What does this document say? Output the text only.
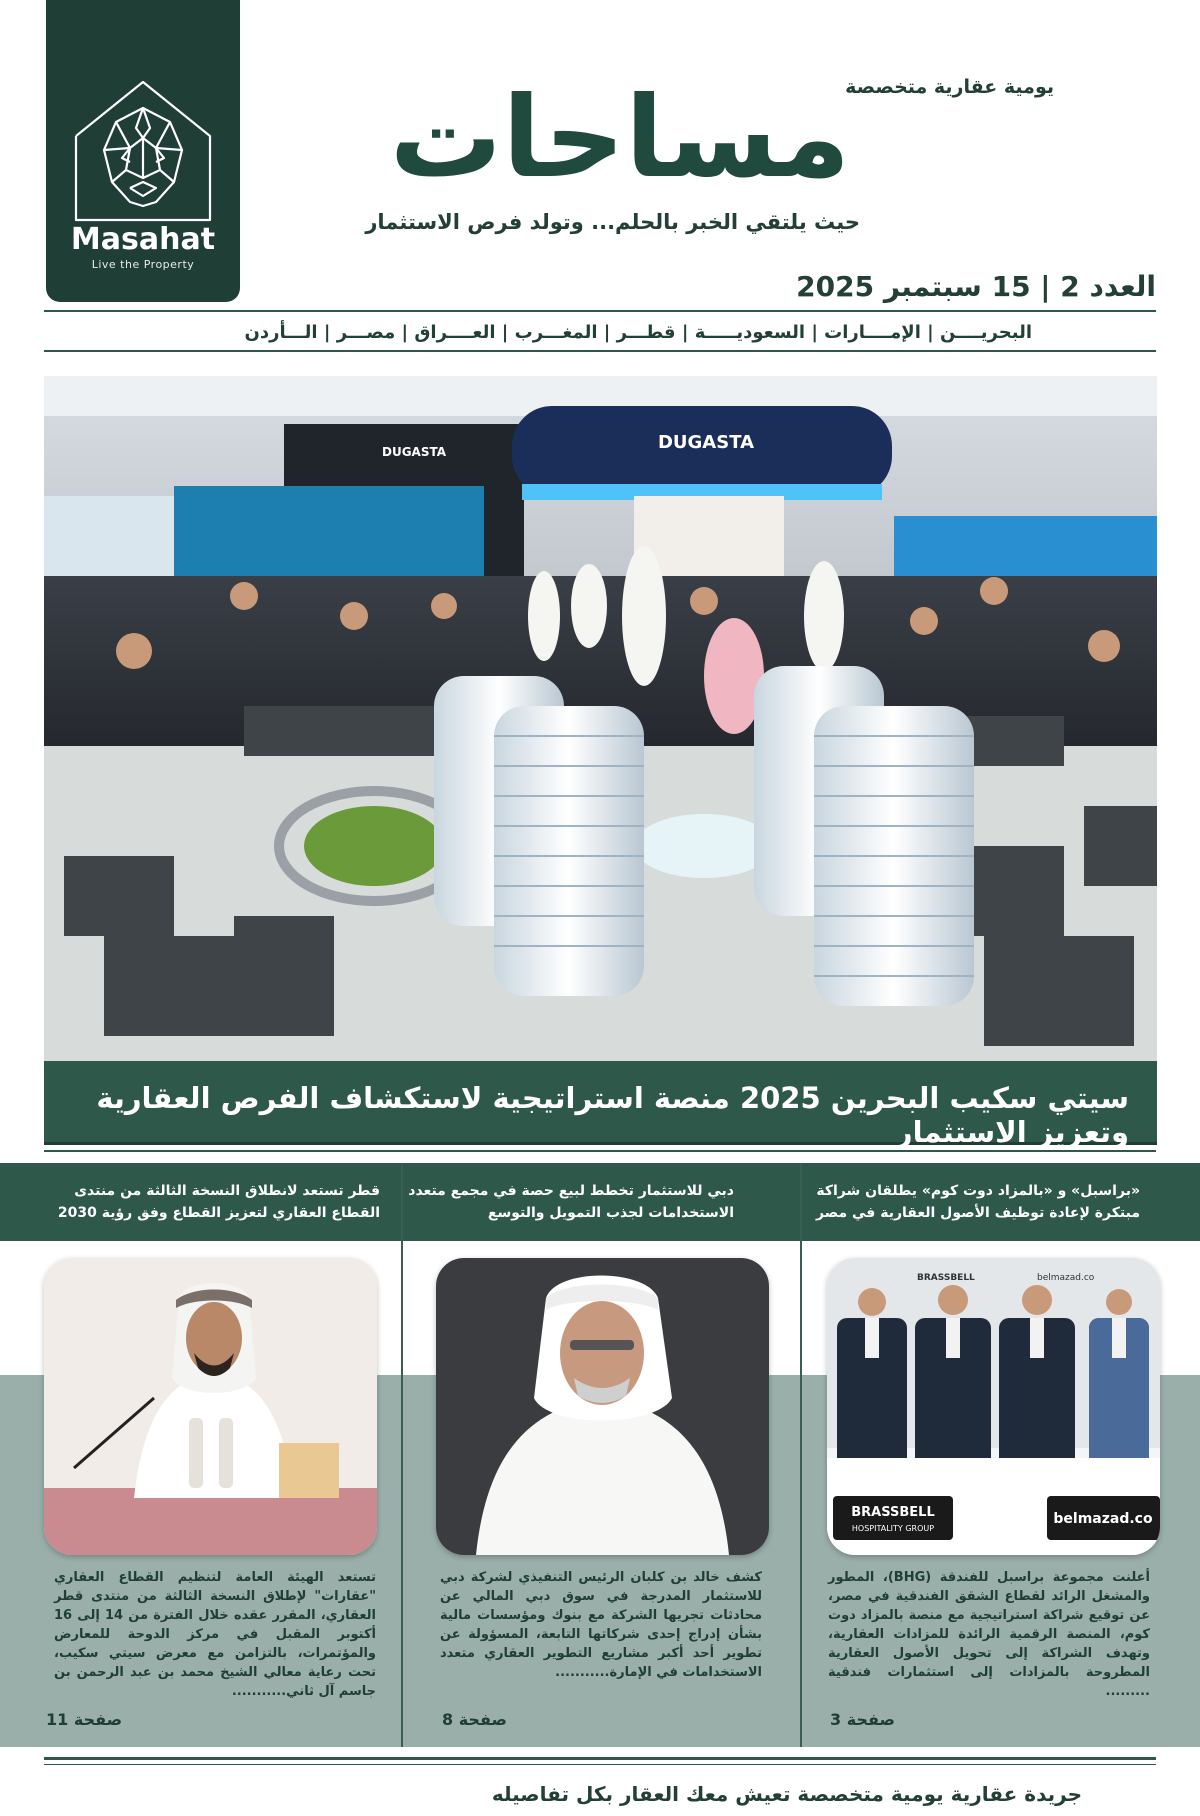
Masahat
Live the Property
يومية عقارية متخصصة
مساحات
حيث يلتقي الخبر بالحلم... وتولد فرص الاستثمار
العدد 2 | 15 سبتمبر 2025
البحريــــن | الإمــــارات | السعوديـــــة | قطـــر | المغـــرب | العــــراق | مصـــر | الـــأردن
DUGASTA
DUGASTA
سيتي سكيب البحرين 2025 منصة استراتيجية لاستكشاف الفرص العقارية وتعزيز الاستثمار
«براسبل» و «بالمزاد دوت كوم» يطلقان شراكة مبتكرة لإعادة توظيف الأصول العقارية في مصر
BRASSBELL	belmazad.co
BRASSBELL
HOSPITALITY GROUP
belmazad.co
أعلنت مجموعة براسبل للفندقة (BHG)، المطور والمشغل الرائد لقطاع الشقق الفندقية في مصر، عن توقيع شراكة استراتيجية مع منصة بالمزاد دوت كوم، المنصة الرقمية الرائدة للمزادات العقارية، وتهدف الشراكة إلى تحويل الأصول العقارية المطروحة بالمزادات إلى استثمارات فندقية .........
صفحة 3
دبي للاستثمار تخطط لبيع حصة في مجمع متعدد الاستخدامات لجذب التمويل والتوسع
كشف خالد بن كلبان الرئيس التنفيذي لشركة دبي للاستثمار المدرجة في سوق دبي المالي عن محادثات تجريها الشركة مع بنوك ومؤسسات مالية بشأن إدراج إحدى شركاتها التابعة، المسؤولة عن تطوير أحد أكبر مشاريع التطوير العقاري متعدد الاستخدامات في الإمارة...........
صفحة 8
قطر تستعد لانطلاق النسخة الثالثة من منتدى القطاع العقاري لتعزيز القطاع وفق رؤية 2030
تستعد الهيئة العامة لتنظيم القطاع العقاري "عقارات" لإطلاق النسخة الثالثة من منتدى قطر العقاري، المقرر عقده خلال الفترة من 14 إلى 16 أكتوبر المقبل في مركز الدوحة للمعارض والمؤتمرات، بالتزامن مع معرض سيتي سكيب، تحت رعاية معالي الشيخ محمد بن عبد الرحمن بن جاسم آل ثاني...........
صفحة 11
جريدة عقارية يومية متخصصة تعيش معك العقار بكل تفاصيله
